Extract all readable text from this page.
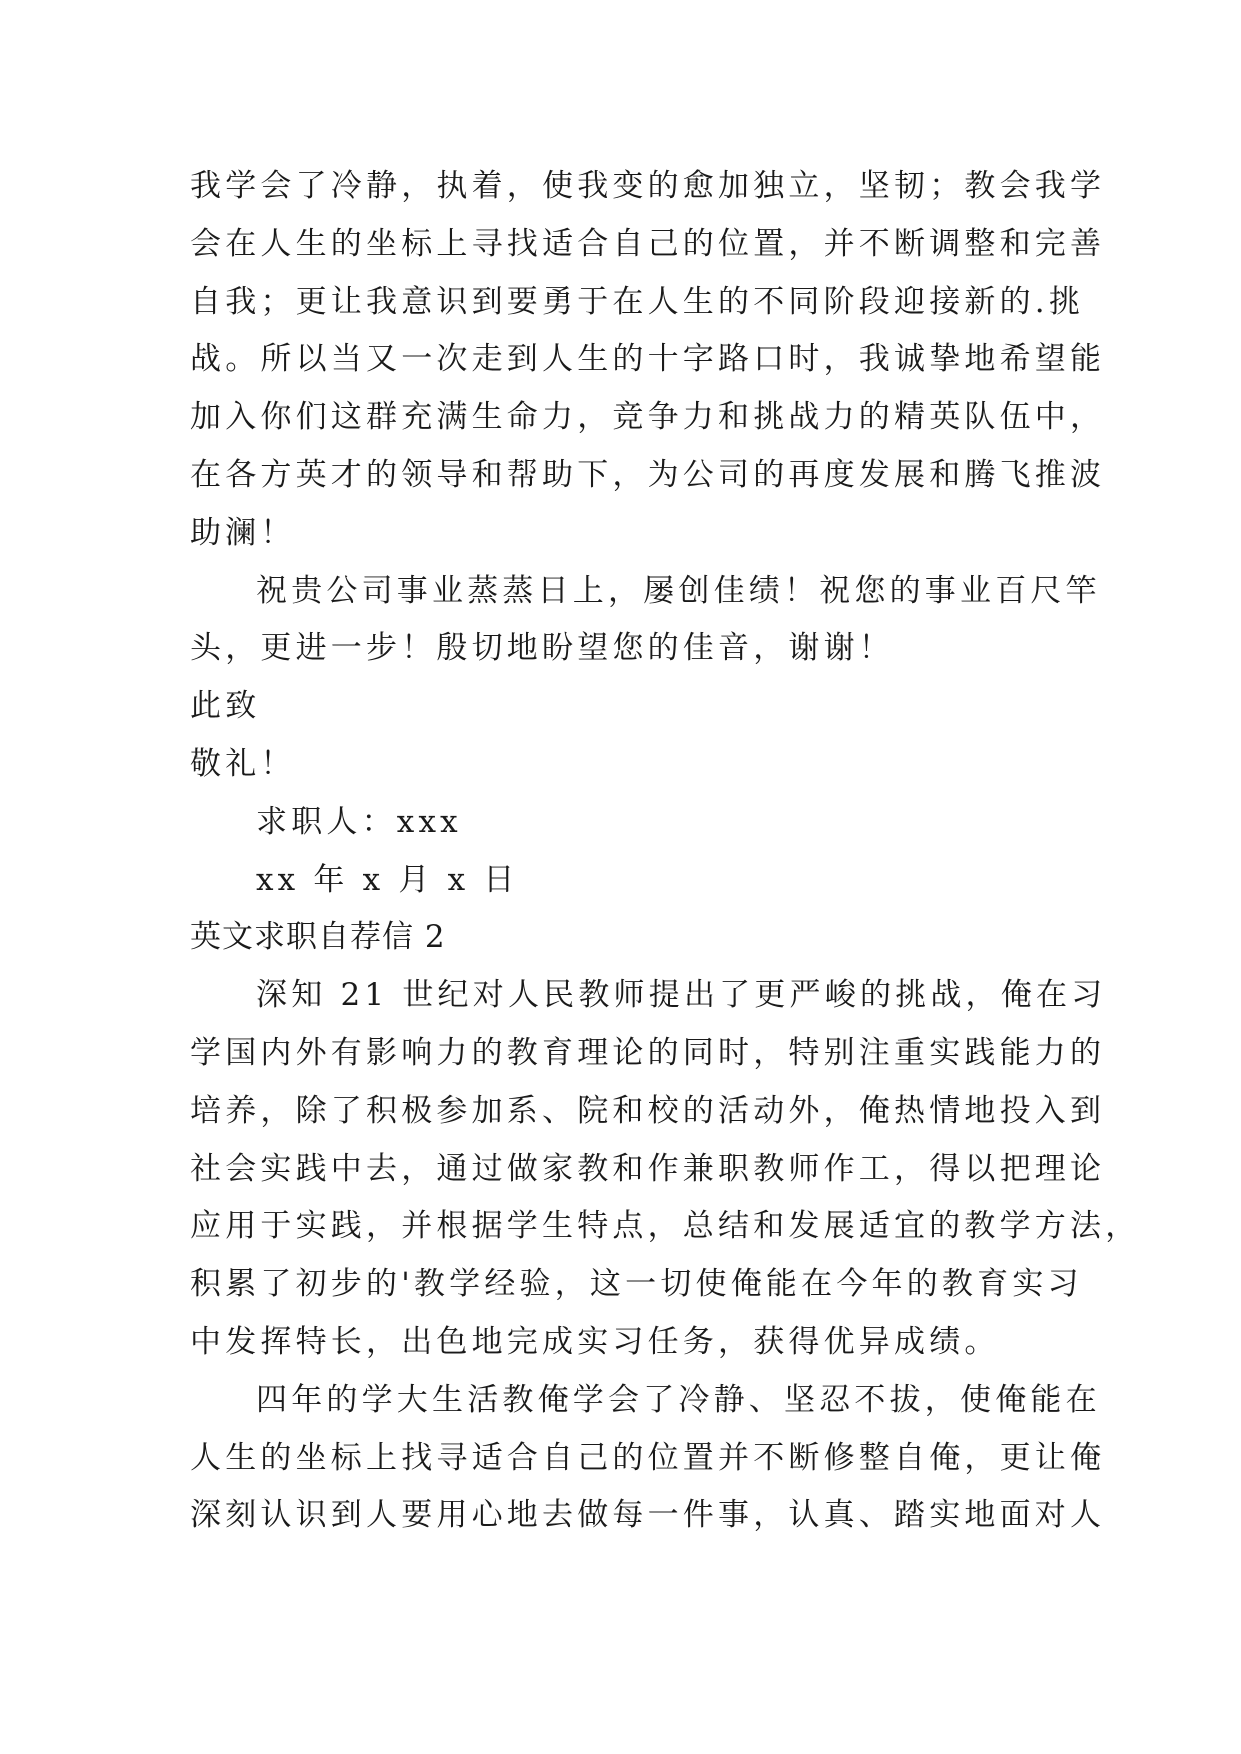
我学会了冷静，执着，使我变的愈加独立，坚韧；教会我学
会在人生的坐标上寻找适合自己的位置，并不断调整和完善
自我；更让我意识到要勇于在人生的不同阶段迎接新的.挑
战。所以当又一次走到人生的十字路口时，我诚挚地希望能
加入你们这群充满生命力，竞争力和挑战力的精英队伍中，
在各方英才的领导和帮助下，为公司的再度发展和腾飞推波
助澜！
祝贵公司事业蒸蒸日上，屡创佳绩！祝您的事业百尺竿
头，更进一步！殷切地盼望您的佳音，谢谢！
此致
敬礼！
求职人：xxx
xx 年 x 月 x 日
英文求职自荐信 2
深知 21 世纪对人民教师提出了更严峻的挑战，俺在习
学国内外有影响力的教育理论的同时，特别注重实践能力的
培养，除了积极参加系、院和校的活动外，俺热情地投入到
社会实践中去，通过做家教和作兼职教师作工，得以把理论
应用于实践，并根据学生特点，总结和发展适宜的教学方法，
积累了初步的'教学经验，这一切使俺能在今年的教育实习
中发挥特长，出色地完成实习任务，获得优异成绩。
四年的学大生活教俺学会了冷静、坚忍不拔，使俺能在
人生的坐标上找寻适合自己的位置并不断修整自俺，更让俺
深刻认识到人要用心地去做每一件事，认真、踏实地面对人
